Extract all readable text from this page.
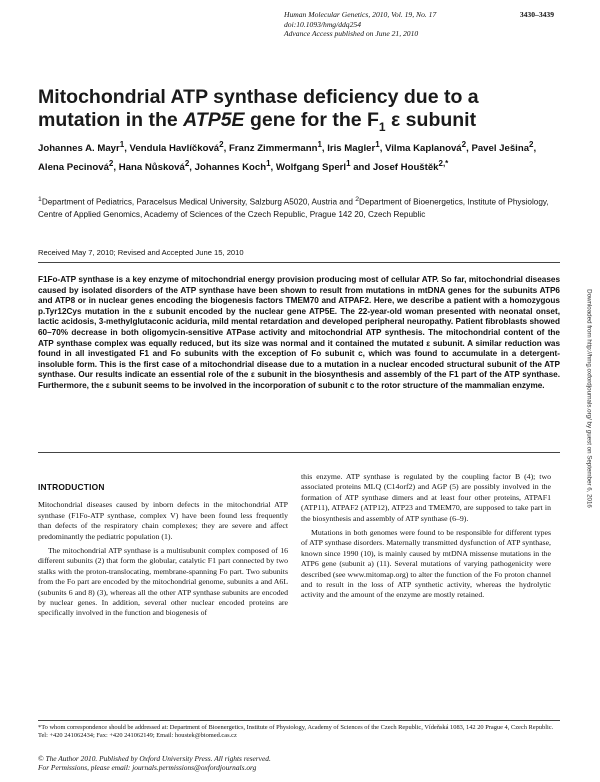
Human Molecular Genetics, 2010, Vol. 19, No. 17
doi:10.1093/hmg/ddq254
Advance Access published on June 21, 2010
3430–3439
Mitochondrial ATP synthase deficiency due to a
mutation in the ATP5E gene for the $F_1$ ε subunit
Johannes A. Mayr$^1$, Vendula Havlíčková$^2$, Franz Zimmermann$^1$, Iris Magler$^1$, Vilma Kaplanová$^2$, Pavel Ješina$^2$, Alena Pecinová$^2$, Hana Nůsková$^2$, Johannes Koch$^1$, Wolfgang Sperl$^1$ and Josef Houštěk$^{2,*}$
$^1$Department of Pediatrics, Paracelsus Medical University, Salzburg A5020, Austria and $^2$Department of Bioenergetics, Institute of Physiology, Centre of Applied Genomics, Academy of Sciences of the Czech Republic, Prague 142 20, Czech Republic
Received May 7, 2010; Revised and Accepted June 15, 2010
F1Fo-ATP synthase is a key enzyme of mitochondrial energy provision producing most of cellular ATP. So far, mitochondrial diseases caused by isolated disorders of the ATP synthase have been shown to result from mutations in mtDNA genes for the subunits ATP6 and ATP8 or in nuclear genes encoding the biogenesis factors TMEM70 and ATPAF2. Here, we describe a patient with a homozygous p.Tyr12Cys mutation in the ε subunit encoded by the nuclear gene ATP5E. The 22-year-old woman presented with neonatal onset, lactic acidosis, 3-methylglutaconic aciduria, mild mental retardation and developed peripheral neuropathy. Patient fibroblasts showed 60–70% decrease in both oligomycin-sensitive ATPase activity and mitochondrial ATP synthesis. The mitochondrial content of the ATP synthase complex was equally reduced, but its size was normal and it contained the mutated ε subunit. A similar reduction was found in all investigated F1 and Fo subunits with the exception of Fo subunit c, which was found to accumulate in a detergent-insoluble form. This is the first case of a mitochondrial disease due to a mutation in a nuclear encoded structural subunit of the ATP synthase. Our results indicate an essential role of the ε subunit in the biosynthesis and assembly of the F1 part of the ATP synthase. Furthermore, the ε subunit seems to be involved in the incorporation of subunit c to the rotor structure of the mammalian enzyme.	Downloaded from http://hmg.oxfordjournals.org/ by guest on September 6, 2016
INTRODUCTION

Mitochondrial diseases caused by inborn defects in the mitochondrial ATP synthase (F1Fo-ATP synthase, complex V) have been found less frequently than defects of the respiratory chain complexes; they are severe and affect predominantly the pediatric population (1).

The mitochondrial ATP synthase is a multisubunit complex composed of 16 different subunits (2) that form the globular, catalytic F1 part connected by two stalks with the proton-translocating, membrane-spanning Fo part. Two subunits from the Fo part are encoded by the mitochondrial genome, subunits a and A6L (subunits 6 and 8) (3), whereas all the other ATP synthase subunits are encoded by nuclear genes. In addition, several other nuclear encoded proteins are specifically involved in the function and biogenesis of

this enzyme. ATP synthase is regulated by the coupling factor B (4); two associated proteins MLQ (C14orf2) and AGP (5) are possibly involved in the formation of ATP synthase dimers and at least four other proteins, ATPAF1 (ATP11), ATPAF2 (ATP12), ATP23 and TMEM70, are supposed to take part in the biosynthesis and assembly of ATP synthase (6–9).

Mutations in both genomes were found to be responsible for different types of ATP synthase disorders. Maternally transmitted dysfunction of ATP synthase, known since 1990 (10), is mainly caused by mtDNA missense mutations in the ATP6 gene (subunit a) (11). Several mutations of varying pathogenicity were described (see www.mitomap.org) to alter the function of the Fo proton channel and to result in the loss of ATP synthetic activity, whereas the hydrolytic activity and the amount of the enzyme are mostly retained.

*To whom correspondence should be addressed at: Department of Bioenergetics, Institute of Physiology, Academy of Sciences of the Czech Republic, Vídeňská 1083, 142 20 Prague 4, Czech Republic. Tel: +420 241062434; Fax: +420 241062149; Email: houstek@biomed.cas.cz
© The Author 2010. Published by Oxford University Press. All rights reserved.
For Permissions, please email: journals.permissions@oxfordjournals.org
